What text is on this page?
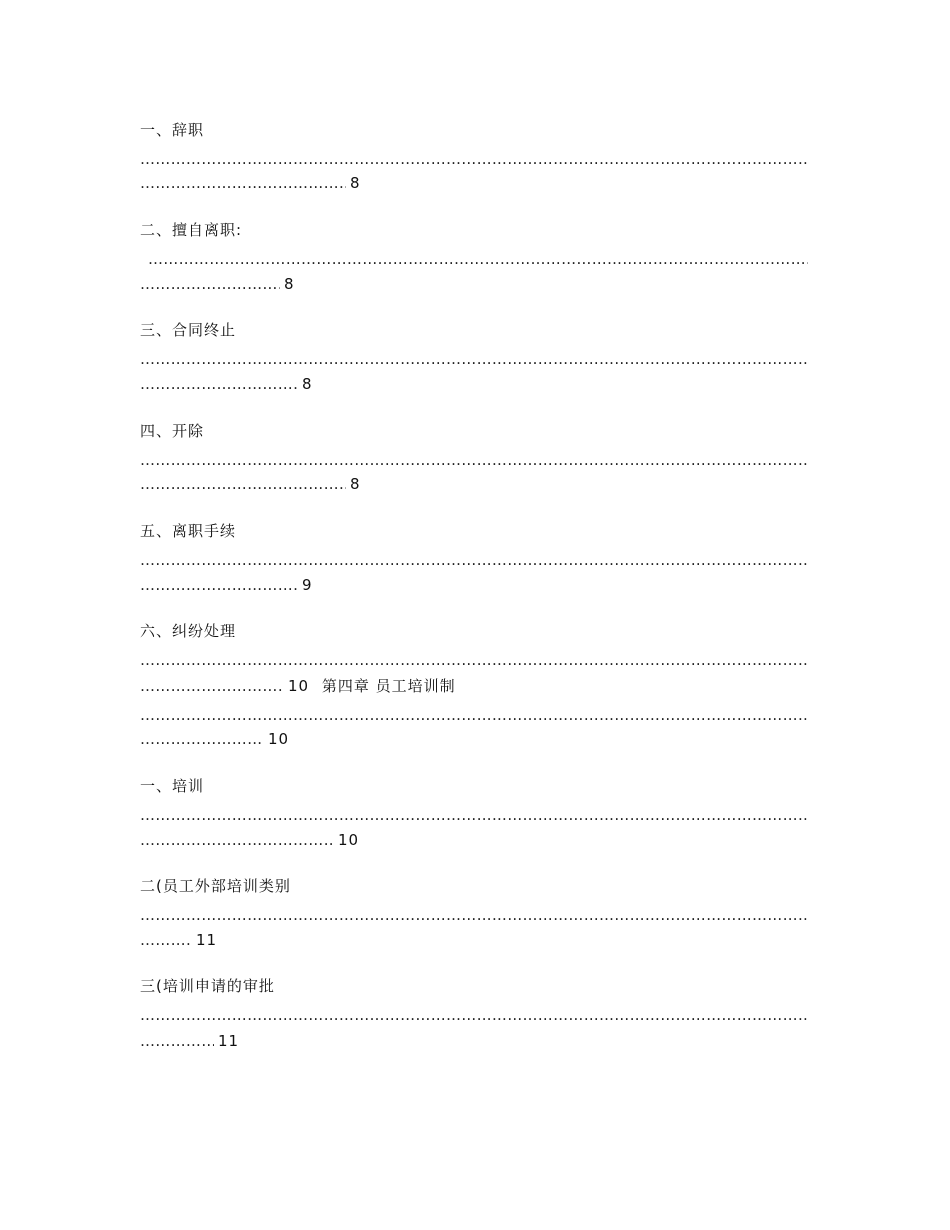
一、辞职
……………………………………………………………………………………………………………………………………………………………………………………
……………………………………………………………………………………………………8
二、擅自离职:
……………………………………………………………………………………………………………………………………………………………………………………
……………………………………………………………………………………………………8
三、合同终止
……………………………………………………………………………………………………………………………………………………………………………………
……………………………………………………………………………………………………8
四、开除
……………………………………………………………………………………………………………………………………………………………………………………
……………………………………………………………………………………………………8
五、离职手续
……………………………………………………………………………………………………………………………………………………………………………………
……………………………………………………………………………………………………9
六、纠纷处理
……………………………………………………………………………………………………………………………………………………………………………………
……………………………………………………………………………………………………10 第四章 员工培训制
……………………………………………………………………………………………………………………………………………………………………………………
……………………………………………………………………………………………………10
一、培训
……………………………………………………………………………………………………………………………………………………………………………………
……………………………………………………………………………………………………10
二(员工外部培训类别
……………………………………………………………………………………………………………………………………………………………………………………
……………………………………………………………………………………………………11
三(培训申请的审批
……………………………………………………………………………………………………………………………………………………………………………………
……………………………………………………………………………………………………11
